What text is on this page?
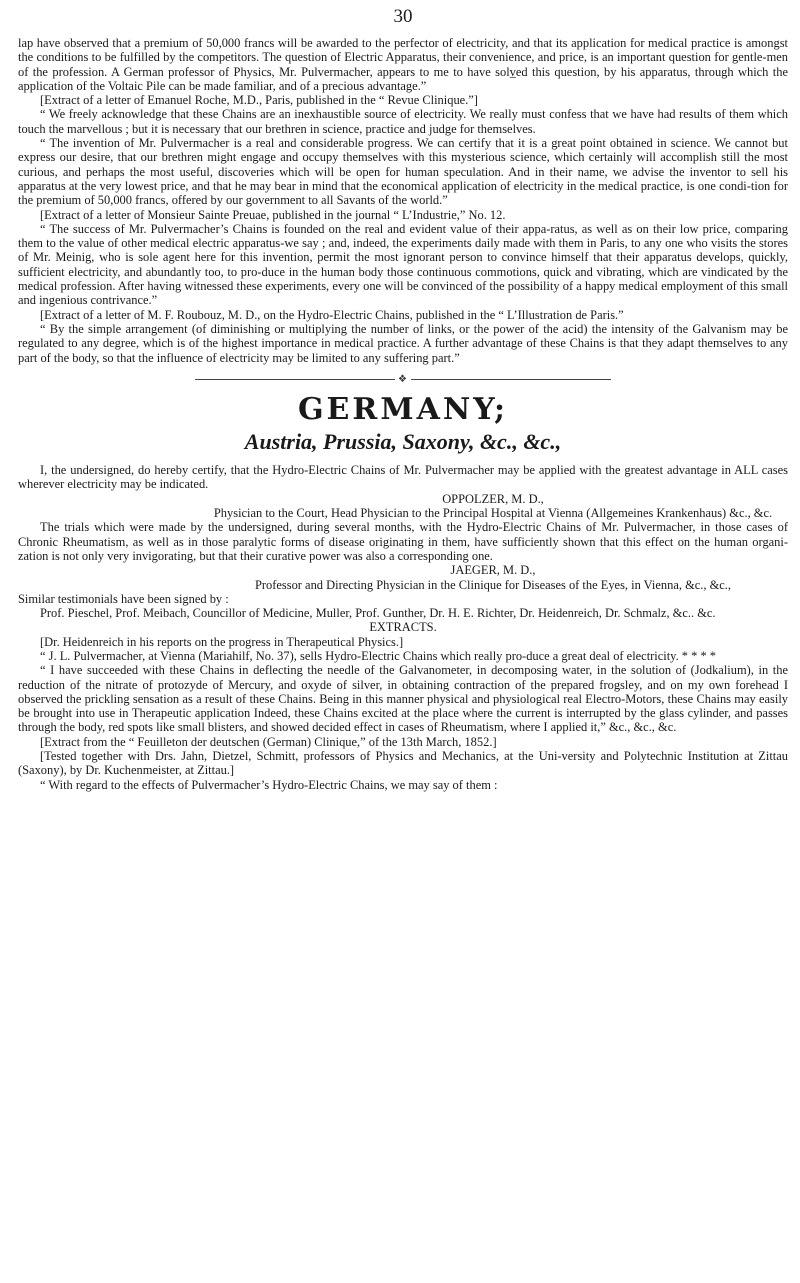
30

lap have observed that a premium of 50,000 francs will be awarded to the perfector of electricity, and that its application for medical practice is amongst the conditions to be fulfilled by the competitors. The question of Electric Apparatus, their convenience, and price, is an important question for gentle-men of the profession. A German professor of Physics, Mr. Pulvermacher, appears to me to have solv̲ed this question, by his apparatus, through which the application of the Voltaic Pile can be made familiar, and of a precious advantage.”

[Extract of a letter of Emanuel Roche, M.D., Paris, published in the “ Revue Clinique.”]

“ We freely acknowledge that these Chains are an inexhaustible source of electricity. We really must confess that we have had results of them which touch the marvellous ; but it is necessary that our brethren in science, practice and judge for themselves.

“ The invention of Mr. Pulvermacher is a real and considerable progress. We can certify that it is a great point obtained in science. We cannot but express our desire, that our brethren might engage and occupy themselves with this mysterious science, which certainly will accomplish still the most curious, and perhaps the most useful, discoveries which will be open for human speculation. And in their name, we advise the inventor to sell his apparatus at the very lowest price, and that he may bear in mind that the economical application of electricity in the medical practice, is one condi-tion for the premium of 50,000 francs, offered by our government to all Savants of the world.”

[Extract of a letter of Monsieur Sainte Preuae, published in the journal “ L’Industrie,” No. 12.

“ The success of Mr. Pulvermacher’s Chains is founded on the real and evident value of their appa-ratus, as well as on their low price, comparing them to the value of other medical electric apparatus-we say ; and, indeed, the experiments daily made with them in Paris, to any one who visits the stores of Mr. Meinig, who is sole agent here for this invention, permit the most ignorant person to convince himself that their apparatus develops, quickly, sufficient electricity, and abundantly too, to pro-duce in the human body those continuous commotions, quick and vibrating, which are vindicated by the medical profession. After having witnessed these experiments, every one will be convinced of the possibility of a happy medical employment of this small and ingenious contrivance.”

[Extract of a letter of M. F. Roubouz, M. D., on the Hydro-Electric Chains, published in the “ L’Illustration de Paris.”

“ By the simple arrangement (of diminishing or multiplying the number of links, or the power of the acid) the intensity of the Galvanism may be regulated to any degree, which is of the highest importance in medical practice. A further advantage of these Chains is that they adapt themselves to any part of the body, so that the influence of electricity may be limited to any suffering part.”

❖
GERMANY;
Austria, Prussia, Saxony, &c., &c.,

I, the undersigned, do hereby certify, that the Hydro-Electric Chains of Mr. Pulvermacher may be applied with the greatest advantage in ALL cases wherever electricity may be indicated.

OPPOLZER, M. D.,

Physician to the Court, Head Physician to the Principal Hospital at Vienna (Allgemeines Krankenhaus) &c., &c.

The trials which were made by the undersigned, during several months, with the Hydro-Electric Chains of Mr. Pulvermacher, in those cases of Chronic Rheumatism, as well as in those paralytic forms of disease originating in them, have sufficiently shown that this effect on the human organi-zation is not only very invigorating, but that their curative power was also a corresponding one.

JAEGER, M. D.,

Professor and Directing Physician in the Clinique for Diseases of the Eyes, in Vienna, &c., &c.,

Similar testimonials have been signed by :

Prof. Pieschel, Prof. Meibach, Councillor of Medicine, Muller, Prof. Gunther, Dr. H. E. Richter, Dr. Heidenreich, Dr. Schmalz, &c.. &c.

EXTRACTS.

[Dr. Heidenreich in his reports on the progress in Therapeutical Physics.]

“ J. L. Pulvermacher, at Vienna (Mariahilf, No. 37), sells Hydro-Electric Chains which really pro-duce a great deal of electricity. * * * *

“ I have succeeded with these Chains in deflecting the needle of the Galvanometer, in decomposing water, in the solution of (Jodkalium), in the reduction of the nitrate of protozyde of Mercury, and oxyde of silver, in obtaining contraction of the prepared frogsley, and on my own forehead I observed the prickling sensation as a result of these Chains. Being in this manner physical and physiological real Electro-Motors, these Chains may easily be brought into use in Therapeutic application Indeed, these Chains excited at the place where the current is interrupted by the glass cylinder, and passes through the body, red spots like small blisters, and showed decided effect in cases of Rheumatism, where I applied it,” &c., &c., &c.

[Extract from the “ Feuilleton der deutschen (German) Clinique,” of the 13th March, 1852.]

[Tested together with Drs. Jahn, Dietzel, Schmitt, professors of Physics and Mechanics, at the Uni-versity and Polytechnic Institution at Zittau (Saxony), by Dr. Kuchenmeister, at Zittau.]

“ With regard to the effects of Pulvermacher’s Hydro-Electric Chains, we may say of them :
